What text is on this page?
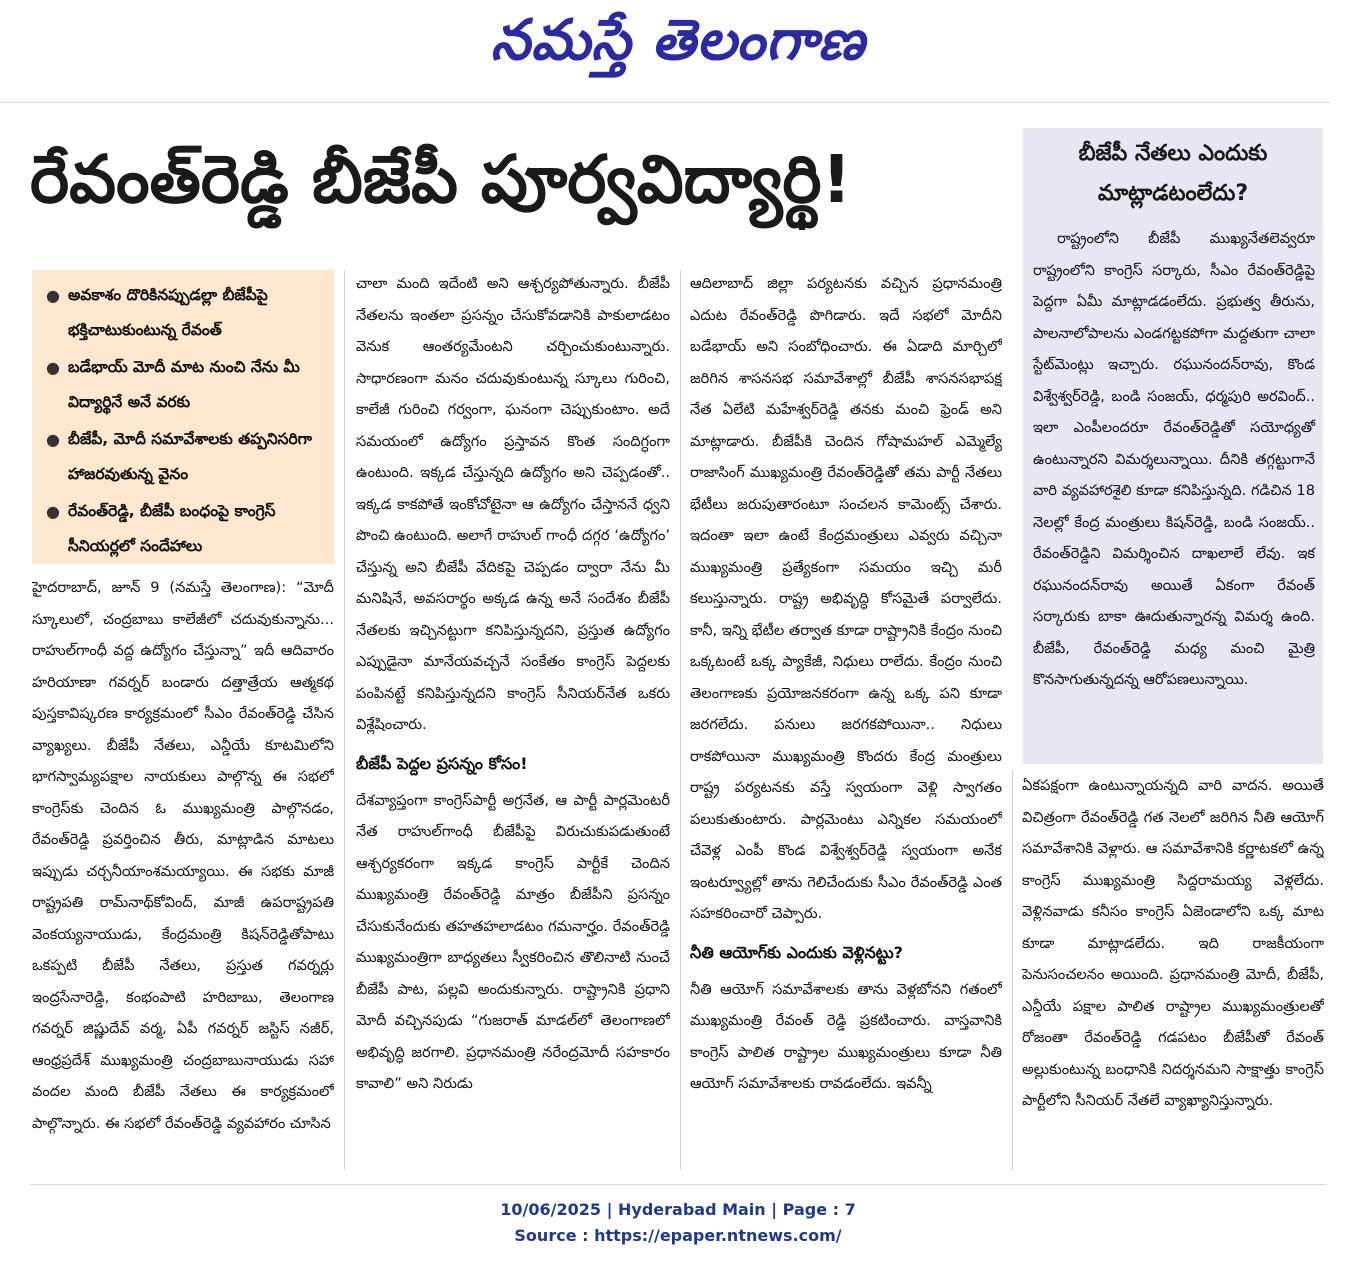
నమస్తే తెలంగాణ
రేవంత్‌రెడ్డి బీజేపీ పూర్వవిద్యార్థి!	బీజేపీ నేతలు ఎందుకు మాట్లాడటంలేదు?
రాష్ట్రంలోని బీజేపీ ముఖ్యనేతలెవ్వరూ రాష్ట్రంలోని కాంగ్రెస్ సర్కారు, సీఎం రేవంత్‌రెడ్డిపై పెద్దగా ఏమీ మాట్లాడడంలేదు. ప్రభుత్వ తీరును, పాలనాలోపాలను ఎండగట్టకపోగా మద్దతుగా చాలా స్టేట్‌మెంట్లు ఇచ్చారు. రఘునందన్‌రావు, కొండ విశ్వేశ్వర్‌రెడ్డి, బండి సంజయ్, ధర్మపురి అరవింద్.. ఇలా ఎంపీలందరూ రేవంత్‌రెడ్డితో సయోధ్యతో ఉంటున్నారని విమర్శలున్నాయి. దీనికి తగ్గట్టుగానే వారి వ్యవహారశైలి కూడా కనిపిస్తున్నది. గడిచిన 18 నెలల్లో కేంద్ర మంత్రులు కిషన్‌రెడ్డి, బండి సంజయ్.. రేవంత్‌రెడ్డిని విమర్శించిన దాఖలాలే లేవు. ఇక రఘునందన్‌రావు అయితే ఏకంగా రేవంత్ సర్కారుకు బాకా ఊదుతున్నారన్న విమర్శ ఉంది. బీజేపీ, రేవంత్‌రెడ్డి మధ్య మంచి మైత్రి కొనసాగుతున్నదన్న ఆరోపణలున్నాయి.
● అవకాశం దొరికినప్పుడల్లా బీజేపీపై భక్తిచాటుకుంటున్న రేవంత్
● బడేభాయ్ మోదీ మాట నుంచి నేను మీ విద్యార్థినే అనే వరకు
● బీజేపీ, మోదీ సమావేశాలకు తప్పనిసరిగా హాజరవుతున్న వైనం
● రేవంత్‌రెడ్డి, బీజేపీ బంధంపై కాంగ్రెస్ సీనియర్లలో సందేహాలు

హైదరాబాద్, జూన్ 9 (నమస్తే తెలంగాణ): “మోదీ స్కూలులో, చంద్రబాబు కాలేజీలో చదువుకున్నాను... రాహుల్‌గాంధీ వద్ద ఉద్యోగం చేస్తున్నా” ఇదీ ఆదివారం హరియాణా గవర్నర్ బండారు దత్తాత్రేయ ఆత్మకథ పుస్తకావిష్కరణ కార్యక్రమంలో సీఎం రేవంత్‌రెడ్డి చేసిన వ్యాఖ్యలు. బీజేపీ నేతలు, ఎన్డీయే కూటమిలోని భాగస్వామ్యపక్షాల నాయకులు పాల్గొన్న ఈ సభలో కాంగ్రెస్‌కు చెందిన ఓ ముఖ్యమంత్రి పాల్గొనడం, రేవంత్‌రెడ్డి ప్రవర్తించిన తీరు, మాట్లాడిన మాటలు ఇప్పుడు చర్చనీయాంశమయ్యాయి. ఈ సభకు మాజీ రాష్ట్రపతి రామ్‌నాథ్‌కోవింద్, మాజీ ఉపరాష్ట్రపతి వెంకయ్యనాయుడు, కేంద్రమంత్రి కిషన్‌రెడ్డితోపాటు ఒకప్పటి బీజేపీ నేతలు, ప్రస్తుత గవర్నర్లు ఇంద్రసేనారెడ్డి, కంభంపాటి హరిబాబు, తెలంగాణ గవర్నర్ జిష్ణుదేవ్ వర్మ, ఏపీ గవర్నర్ జస్టిస్ నజీర్, ఆంధ్రప్రదేశ్ ముఖ్యమంత్రి చంద్రబాబునాయుడు సహా వందల మంది బీజేపీ నేతలు ఈ కార్యక్రమంలో పాల్గొన్నారు. ఈ సభలో రేవంత్‌రెడ్డి వ్యవహారం చూసిన

చాలా మంది ఇదేంటి అని ఆశ్చర్యపోతున్నారు. బీజేపీ నేతలను ఇంతలా ప్రసన్నం చేసుకోవడానికి పాకులాడటం వెనుక ఆంతర్యమేంటని చర్చించుకుంటున్నారు. సాధారణంగా మనం చదువుకుంటున్న స్కూలు గురించి, కాలేజీ గురించి గర్వంగా, ఘనంగా చెప్పుకుంటాం. అదే సమయంలో ఉద్యోగం ప్రస్తావన కొంత సందిగ్ధంగా ఉంటుంది. ఇక్కడ చేస్తున్నది ఉద్యోగం అని చెప్పడంతో.. ఇక్కడ కాకపోతే ఇంకోచోటైనా ఆ ఉద్యోగం చేస్తాననే ధ్వని పొంచి ఉంటుంది. అలాగే రాహుల్ గాంధీ దగ్గర ‘ఉద్యోగం’ చేస్తున్న అని బీజేపీ వేదికపై చెప్పడం ద్వారా నేను మీ మనిషినే, అవసరార్థం అక్కడ ఉన్న అనే సందేశం బీజేపీ నేతలకు ఇచ్చినట్టుగా కనిపిస్తున్నదని, ప్రస్తుత ఉద్యోగం ఎప్పుడైనా మానేయవచ్చనే సంకేతం కాంగ్రెస్ పెద్దలకు పంపినట్టే కనిపిస్తున్నదని కాంగ్రెస్ సీనియర్‌నేత ఒకరు విశ్లేషించారు.

బీజేపీ పెద్దల ప్రసన్నం కోసం!

దేశవ్యాప్తంగా కాంగ్రెస్‌పార్టీ అగ్రనేత, ఆ పార్టీ పార్లమెంటరీ నేత రాహుల్‌గాంధీ బీజేపీపై విరుచుకుపడుతుంటే ఆశ్చర్యకరంగా ఇక్కడ కాంగ్రెస్ పార్టీకే చెందిన ముఖ్యమంత్రి రేవంత్‌రెడ్డి మాత్రం బీజేపీని ప్రసన్నం చేసుకునేందుకు తహతహలాడటం గమనార్హం. రేవంత్‌రెడ్డి ముఖ్యమంత్రిగా బాధ్యతలు స్వీకరించిన తొలినాటి నుంచే బీజేపీ పాట, పల్లవి అందుకున్నారు. రాష్ట్రానికి ప్రధాని మోదీ వచ్చినపుడు “గుజరాత్ మాడల్‌లో తెలంగాణలో అభివృద్ధి జరగాలి. ప్రధానమంత్రి నరేంద్రమోదీ సహకారం కావాలి” అని నిరుడు

ఆదిలాబాద్ జిల్లా పర్యటనకు వచ్చిన ప్రధానమంత్రి ఎదుట రేవంత్‌రెడ్డి పొగిడారు. ఇదే సభలో మోదీని బడేభాయ్ అని సంబోధించారు. ఈ ఏడాది మార్చిలో జరిగిన శాసనసభ సమావేశాల్లో బీజేపీ శాసనసభాపక్ష నేత ఏలేటి మహేశ్వర్‌రెడ్డి తనకు మంచి ఫ్రెండ్ అని మాట్లాడారు. బీజేపీకి చెందిన గోషామహల్ ఎమ్మెల్యే రాజాసింగ్ ముఖ్యమంత్రి రేవంత్‌రెడ్డితో తమ పార్టీ నేతలు భేటీలు జరుపుతారంటూ సంచలన కామెంట్స్ చేశారు. ఇదంతా ఇలా ఉంటే కేంద్రమంత్రులు ఎవ్వరు వచ్చినా ముఖ్యమంత్రి ప్రత్యేకంగా సమయం ఇచ్చి మరీ కలుస్తున్నారు. రాష్ట్ర అభివృద్ధి కోసమైతే పర్వాలేదు. కానీ, ఇన్ని భేటీల తర్వాత కూడా రాష్ట్రానికి కేంద్రం నుంచి ఒక్కటంటే ఒక్క ప్యాకేజీ, నిధులు రాలేదు. కేంద్రం నుంచి తెలంగాణకు ప్రయోజనకరంగా ఉన్న ఒక్క పని కూడా జరగలేదు. పనులు జరగకపోయినా.. నిధులు రాకపోయినా ముఖ్యమంత్రి కొందరు కేంద్ర మంత్రులు రాష్ట్ర పర్యటనకు వస్తే స్వయంగా వెళ్లి స్వాగతం పలుకుతుంటారు. పార్లమెంటు ఎన్నికల సమయంలో చేవెళ్ల ఎంపీ కొండ విశ్వేశ్వర్‌రెడ్డి స్వయంగా అనేక ఇంటర్వ్యూల్లో తాను గెలిచేందుకు సీఎం రేవంత్‌రెడ్డి ఎంత సహకరించారో చెప్పారు.

నీతి ఆయోగ్‌కు ఎందుకు వెళ్లినట్టు?

నీతి ఆయోగ్ సమావేశాలకు తాను వెళ్లబోనని గతంలో ముఖ్యమంత్రి రేవంత్ రెడ్డి ప్రకటించారు. వాస్తవానికి కాంగ్రెస్ పాలిత రాష్ట్రాల ముఖ్యమంత్రులు కూడా నీతి ఆయోగ్ సమావేశాలకు రావడంలేదు. ఇవన్నీ

ఏకపక్షంగా ఉంటున్నాయన్నది వారి వాదన. అయితే విచిత్రంగా రేవంత్‌రెడ్డి గత నెలలో జరిగిన నీతి ఆయోగ్ సమావేశానికి వెళ్లారు. ఆ సమావేశానికి కర్ణాటకలో ఉన్న కాంగ్రెస్ ముఖ్యమంత్రి సిద్దరామయ్య వెళ్లలేదు. వెళ్లినవాడు కనీసం కాంగ్రెస్ ఏజెండాలోని ఒక్క మాట కూడా మాట్లాడలేదు. ఇది రాజకీయంగా పెనుసంచలనం అయింది. ప్రధానమంత్రి మోదీ, బీజేపీ, ఎన్డీయే పక్షాల పాలిత రాష్ట్రాల ముఖ్యమంత్రులతో రోజంతా రేవంత్‌రెడ్డి గడపటం బీజేపీతో రేవంత్ అల్లుకుంటున్న బంధానికి నిదర్శనమని సాక్షాత్తు కాంగ్రెస్ పార్టీలోని సీనియర్ నేతలే వ్యాఖ్యానిస్తున్నారు.

10/06/2025 | Hyderabad Main | Page : 7
Source : https://epaper.ntnews.com/
